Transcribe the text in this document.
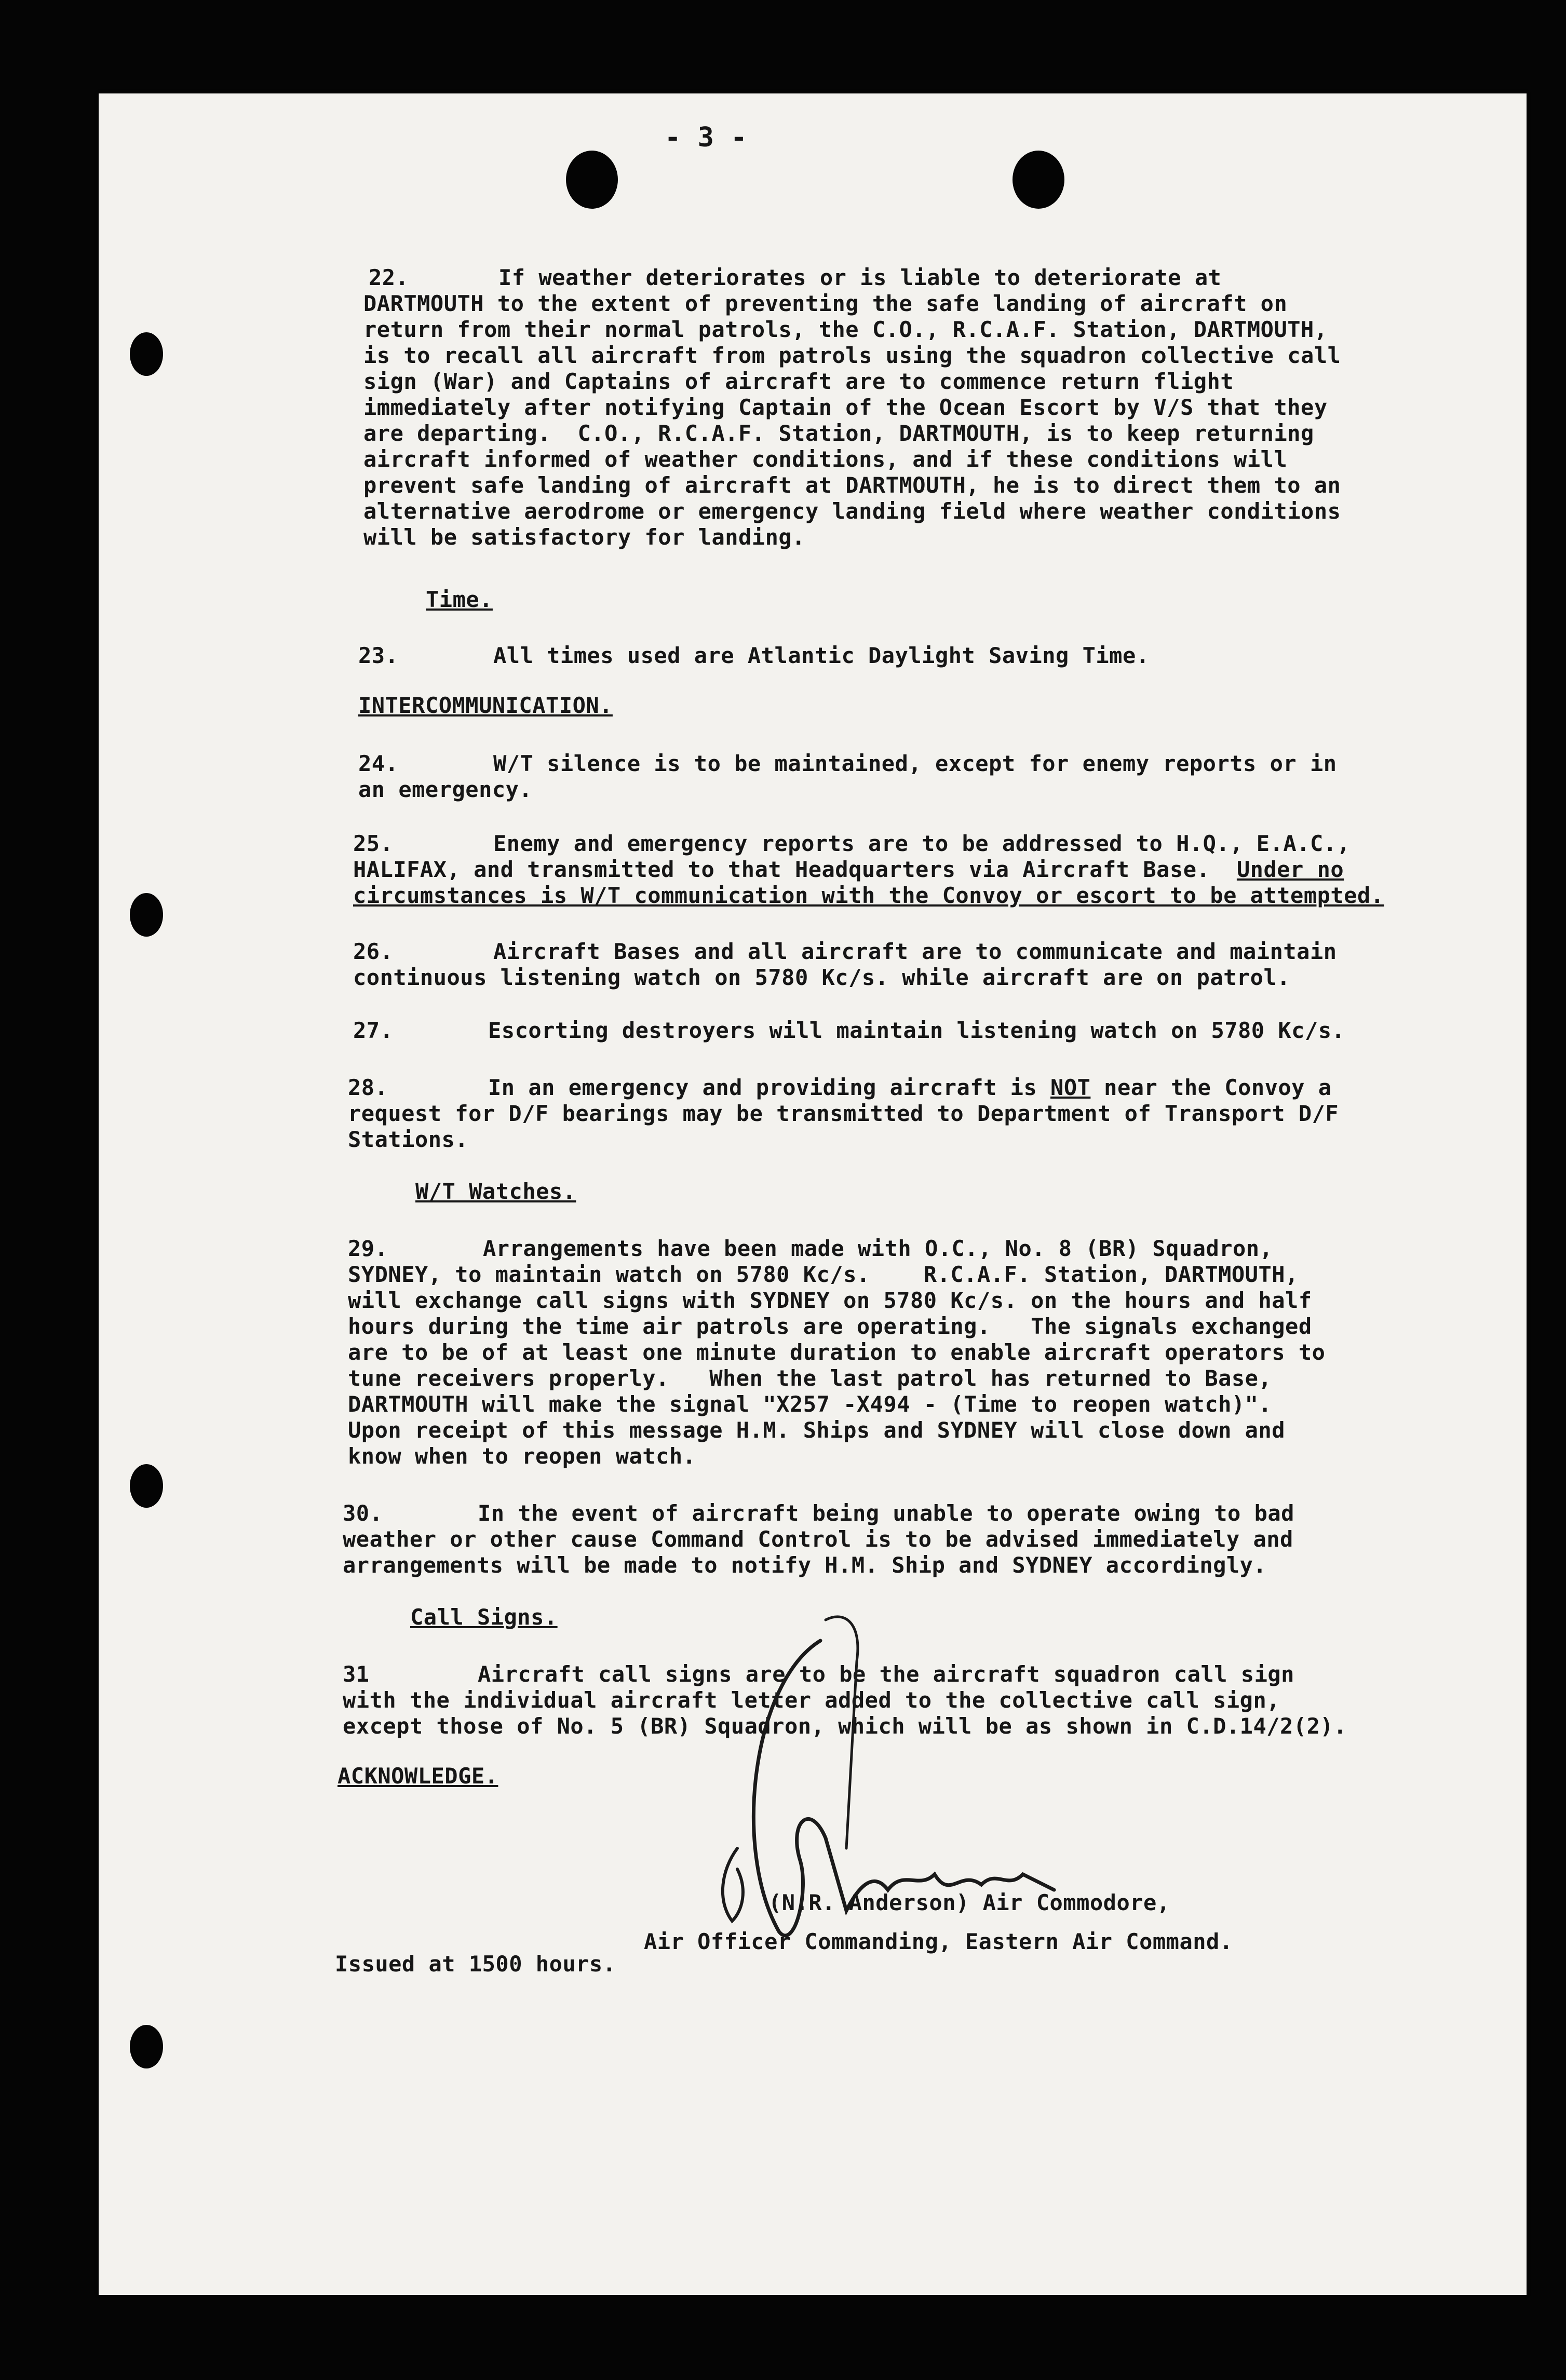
- 3 -
22.	If weather deteriorates or is liable to deteriorate at
DARTMOUTH to the extent of preventing the safe landing of aircraft on
return from their normal patrols, the C.O., R.C.A.F. Station, DARTMOUTH,
is to recall all aircraft from patrols using the squadron collective call
sign (War) and Captains of aircraft are to commence return flight
immediately after notifying Captain of the Ocean Escort by V/S that they
are departing.  C.O., R.C.A.F. Station, DARTMOUTH, is to keep returning
aircraft informed of weather conditions, and if these conditions will
prevent safe landing of aircraft at DARTMOUTH, he is to direct them to an
alternative aerodrome or emergency landing field where weather conditions
will be satisfactory for landing.
Time.
23.	All times used are Atlantic Daylight Saving Time.
INTERCOMMUNICATION.
24.	W/T silence is to be maintained, except for enemy reports or in
an emergency.
25.	Enemy and emergency reports are to be addressed to H.Q., E.A.C.,
HALIFAX, and transmitted to that Headquarters via Aircraft Base.  Under no
circumstances is W/T communication with the Convoy or escort to be attempted.
26.	Aircraft Bases and all aircraft are to communicate and maintain
continuous listening watch on 5780 Kc/s. while aircraft are on patrol.
27.	Escorting destroyers will maintain listening watch on 5780 Kc/s.
28.	In an emergency and providing aircraft is NOT near the Convoy a
request for D/F bearings may be transmitted to Department of Transport D/F
Stations.
W/T Watches.
29.	Arrangements have been made with O.C., No. 8 (BR) Squadron,
SYDNEY, to maintain watch on 5780 Kc/s.    R.C.A.F. Station, DARTMOUTH,
will exchange call signs with SYDNEY on 5780 Kc/s. on the hours and half
hours during the time air patrols are operating.   The signals exchanged
are to be of at least one minute duration to enable aircraft operators to
tune receivers properly.   When the last patrol has returned to Base,
DARTMOUTH will make the signal "X257 -X494 - (Time to reopen watch)".
Upon receipt of this message H.M. Ships and SYDNEY will close down and
know when to reopen watch.
30.	In the event of aircraft being unable to operate owing to bad
weather or other cause Command Control is to be advised immediately and
arrangements will be made to notify H.M. Ship and SYDNEY accordingly.
Call Signs.
31	Aircraft call signs are to be the aircraft squadron call sign
with the individual aircraft letter added to the collective call sign,
except those of No. 5 (BR) Squadron, which will be as shown in C.D.14/2(2).
ACKNOWLEDGE.
(N.R. Anderson) Air Commodore,
Air Officer Commanding, Eastern Air Command.
Issued at 1500 hours.
